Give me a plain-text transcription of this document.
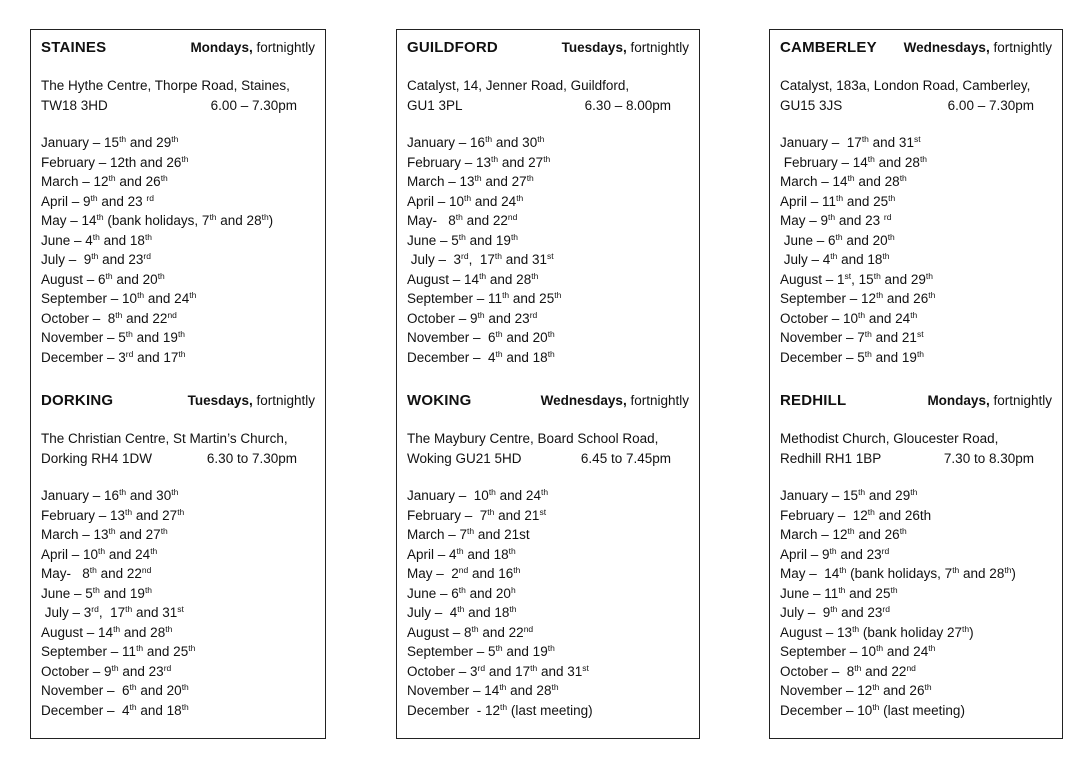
STAINES	Mondays, fortnightly
The Hythe Centre, Thorpe Road, Staines,
TW18 3HD	6.00 – 7.30pm
January – 15th and 29th
February – 12th and 26th
March – 12th and 26th
April – 9th and 23 $^{rd}$
May – 14th (bank holidays, 7th and 28th)
June – 4th and 18th
July –  9th and 23rd
August – 6th and 20th
September – 10th and 24th
October –  8th and 22nd
November – 5th and 19th
December – 3rd and 17th
DORKING	Tuesdays, fortnightly
The Christian Centre, St Martin’s Church,
Dorking RH4 1DW	6.30 to 7.30pm
January – 16th and 30th
February – 13th and 27th
March – 13th and 27th
April – 10th and 24th
May-   8th and 22nd
June – 5th and 19th
July – 3rd,  17th and 31st
August – 14th and 28th
September – 11th and 25th
October – 9th and 23rd
November –  6th and 20th
December –  4th and 18th
GUILDFORD	Tuesdays, fortnightly
Catalyst, 14, Jenner Road, Guildford,
GU1 3PL	6.30 – 8.00pm
January – 16th and 30th
February – 13th and 27th
March – 13th and 27th
April – 10th and 24th
May-   8th and 22nd
June – 5th and 19th
July –  3rd,  17th and 31st
August – 14th and 28th
September – 11th and 25th
October – 9th and 23rd
November –  6th and 20th
December –  4th and 18th
WOKING	Wednesdays, fortnightly
The Maybury Centre, Board School Road,
Woking GU21 5HD	6.45 to 7.45pm
January –  10th and 24th
February –  7th and 21st
March – 7th and 21st
April – 4th and 18th
May –  2nd and 16th
June – 6th and 20$^h$
July –  4th and 18th
August – 8th and 22nd
September – 5th and 19th
October – 3rd and 17th and 31st
November – 14th and 28th
December  - 12th (last meeting)
CAMBERLEY Wednesdays, fortnightly
Catalyst, 183a, London Road, Camberley,
GU15 3JS	6.00 – 7.30pm
January –  17th and 31st
February – 14th and 28th
March – 14th and 28th
April – 11th and 25th
May – 9th and 23 $^{rd}$
June – 6th and 20th
July – 4th and 18th
August – 1st, 15th and 29th
September – 12th and 26th
October – 10th and 24th
November – 7th and 21st
December – 5th and 19th
REDHILL	Mondays, fortnightly
Methodist Church, Gloucester Road,
Redhill RH1 1BP	7.30 to 8.30pm
January – 15th and 29th
February –  12th and 26th
March – 12th and 26th
April – 9th and 23rd
May –  14th (bank holidays, 7th and 28th)
June – 11th and 25th
July –  9th and 23rd
August – 13th (bank holiday 27th)
September – 10th and 24th
October –  8th and 22nd
November – 12th and 26th
December – 10th (last meeting)
